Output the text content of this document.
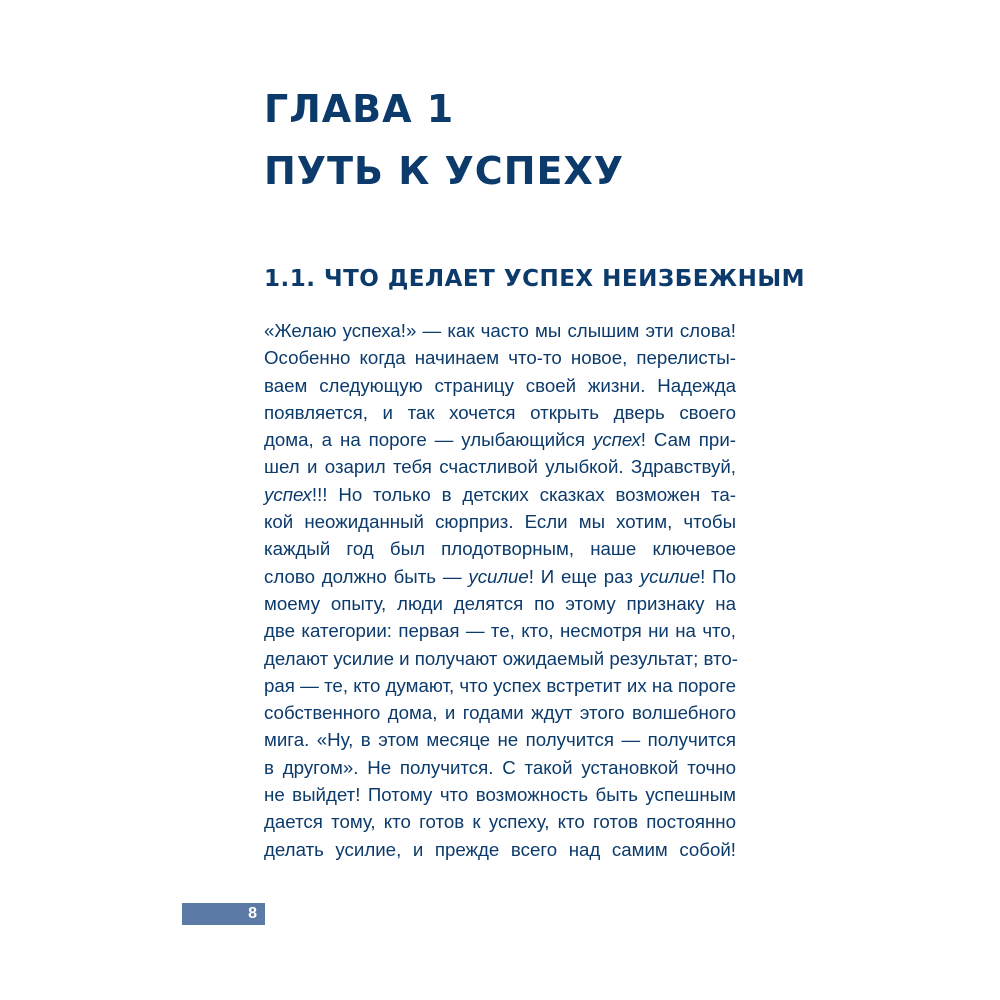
ГЛАВА 1
ПУТЬ К УСПЕХУ
1.1. ЧТО ДЕЛАЕТ УСПЕХ НЕИЗБЕЖНЫМ
«Желаю успеха!» — как часто мы слышим эти слова!
Особенно когда начинаем что-то новое, перелисты-
ваем следующую страницу своей жизни. Надежда
появляется, и так хочется открыть дверь своего
дома, а на пороге — улыбающийся успех! Сам при-
шел и озарил тебя счастливой улыбкой. Здравствуй,
успех!!! Но только в детских сказках возможен та-
кой неожиданный сюрприз. Если мы хотим, чтобы
каждый год был плодотворным, наше ключевое
слово должно быть — усилие! И еще раз усилие! По
моему опыту, люди делятся по этому признаку на
две категории: первая — те, кто, несмотря ни на что,
делают усилие и получают ожидаемый результат; вто-
рая — те, кто думают, что успех встретит их на пороге
собственного дома, и годами ждут этого волшебного
мига. «Ну, в этом месяце не получится — получится
в другом». Не получится. С такой установкой точно
не выйдет! Потому что возможность быть успешным
дается тому, кто готов к успеху, кто готов постоянно
делать усилие, и прежде всего над самим собой!
8
